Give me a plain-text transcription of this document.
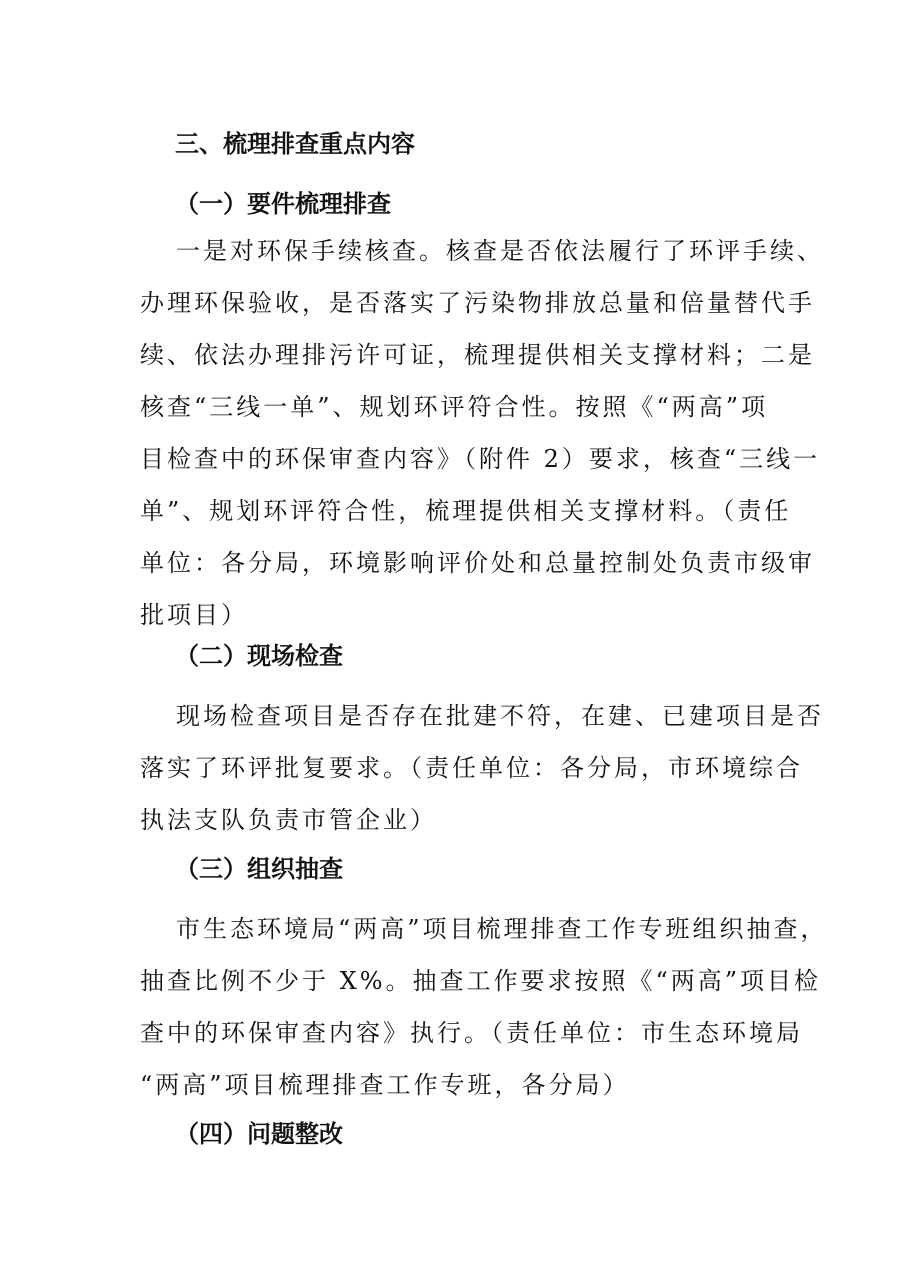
三、梳理排查重点内容
（一）要件梳理排查
一是对环保手续核查。核查是否依法履行了环评手续、
办理环保验收，是否落实了污染物排放总量和倍量替代手
续、依法办理排污许可证，梳理提供相关支撑材料；二是
核查“三线一单”、规划环评符合性。按照《“两高”项
目检查中的环保审查内容》（附件 2）要求，核查“三线一
单”、规划环评符合性，梳理提供相关支撑材料。（责任
单位：各分局，环境影响评价处和总量控制处负责市级审
批项目）
（二）现场检查
现场检查项目是否存在批建不符，在建、已建项目是否
落实了环评批复要求。（责任单位：各分局，市环境综合
执法支队负责市管企业）
（三）组织抽查
市生态环境局“两高”项目梳理排查工作专班组织抽查，
抽查比例不少于 X%。抽查工作要求按照《“两高”项目检
查中的环保审查内容》执行。（责任单位：市生态环境局
“两高”项目梳理排查工作专班，各分局）
（四）问题整改
